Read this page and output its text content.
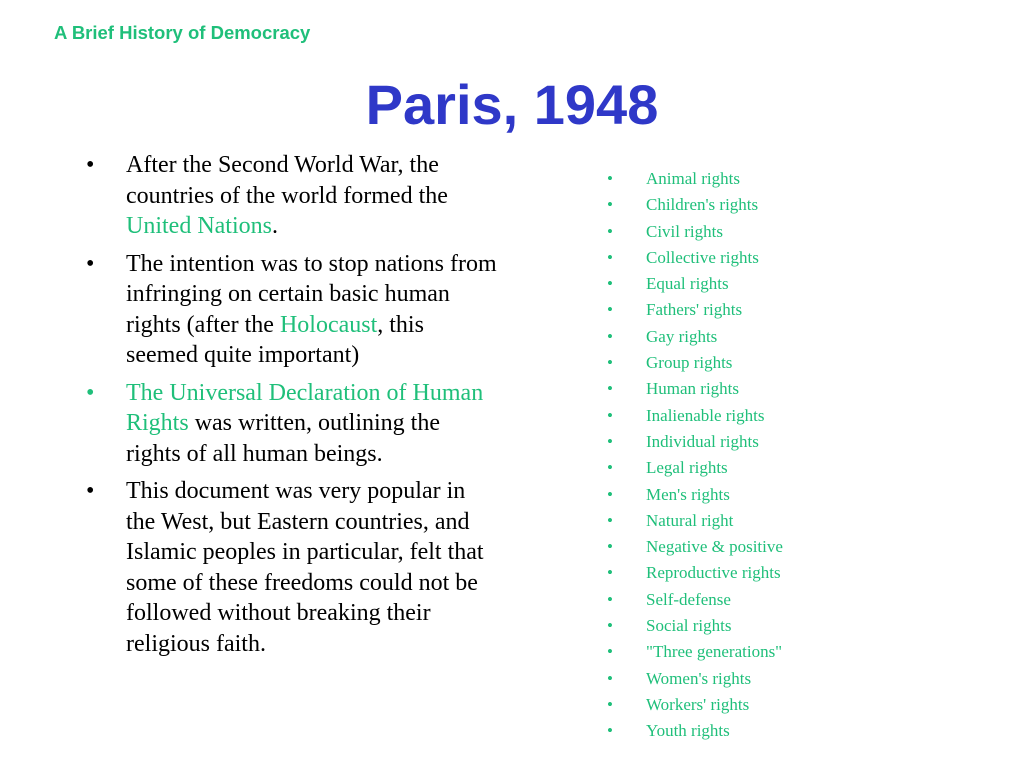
A Brief History of Democracy
Paris, 1948
•	After the Second World War, the countries of the world formed the United Nations.
•	The intention was to stop nations from infringing on certain basic human rights (after the Holocaust, this seemed quite important)
•	The Universal Declaration of Human Rights was written, outlining the rights of all human beings.
•	This document was very popular in the West, but Eastern countries, and Islamic peoples in particular, felt that some of these freedoms could not be followed without breaking their religious faith.
• Animal rights
• Children's rights
• Civil rights
• Collective rights
• Equal rights
• Fathers' rights
• Gay rights
• Group rights
• Human rights
• Inalienable rights
• Individual rights
• Legal rights
• Men's rights
• Natural right
• Negative & positive
• Reproductive rights
• Self-defense
• Social rights
• "Three generations"
• Women's rights
• Workers' rights
• Youth rights
